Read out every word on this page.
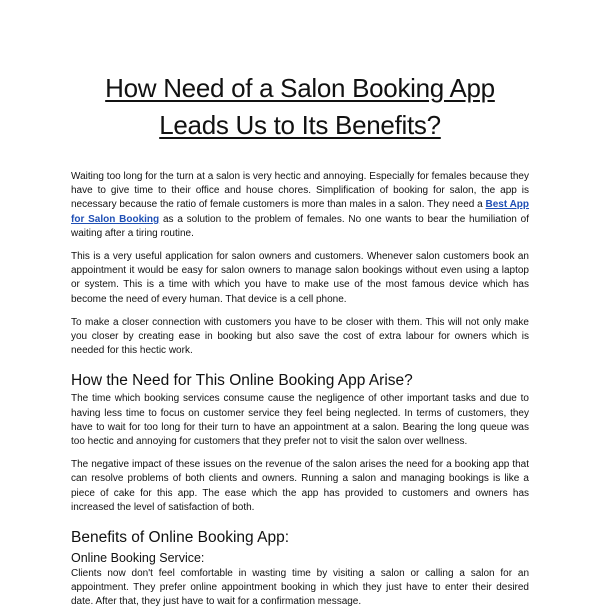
How Need of a Salon Booking App Leads Us to Its Benefits?

Waiting too long for the turn at a salon is very hectic and annoying. Especially for females because they have to give time to their office and house chores. Simplification of booking for salon, the app is necessary because the ratio of female customers is more than males in a salon. They need a Best App for Salon Booking as a solution to the problem of females. No one wants to bear the humiliation of waiting after a tiring routine.

This is a very useful application for salon owners and customers. Whenever salon customers book an appointment it would be easy for salon owners to manage salon bookings without even using a laptop or system. This is a time with which you have to make use of the most famous device which has become the need of every human. That device is a cell phone.

To make a closer connection with customers you have to be closer with them. This will not only make you closer by creating ease in booking but also save the cost of extra labour for owners which is needed for this hectic work.

How the Need for This Online Booking App Arise?

The time which booking services consume cause the negligence of other important tasks and due to having less time to focus on customer service they feel being neglected. In terms of customers, they have to wait for too long for their turn to have an appointment at a salon. Bearing the long queue was too hectic and annoying for customers that they prefer not to visit the salon over wellness.

The negative impact of these issues on the revenue of the salon arises the need for a booking app that can resolve problems of both clients and owners. Running a salon and managing bookings is like a piece of cake for this app. The ease which the app has provided to customers and owners has increased the level of satisfaction of both.

Benefits of Online Booking App:
Online Booking Service:

Clients now don't feel comfortable in wasting time by visiting a salon or calling a salon for an appointment. They prefer online appointment booking in which they just have to enter their desired date. After that, they just have to wait for a confirmation message.
